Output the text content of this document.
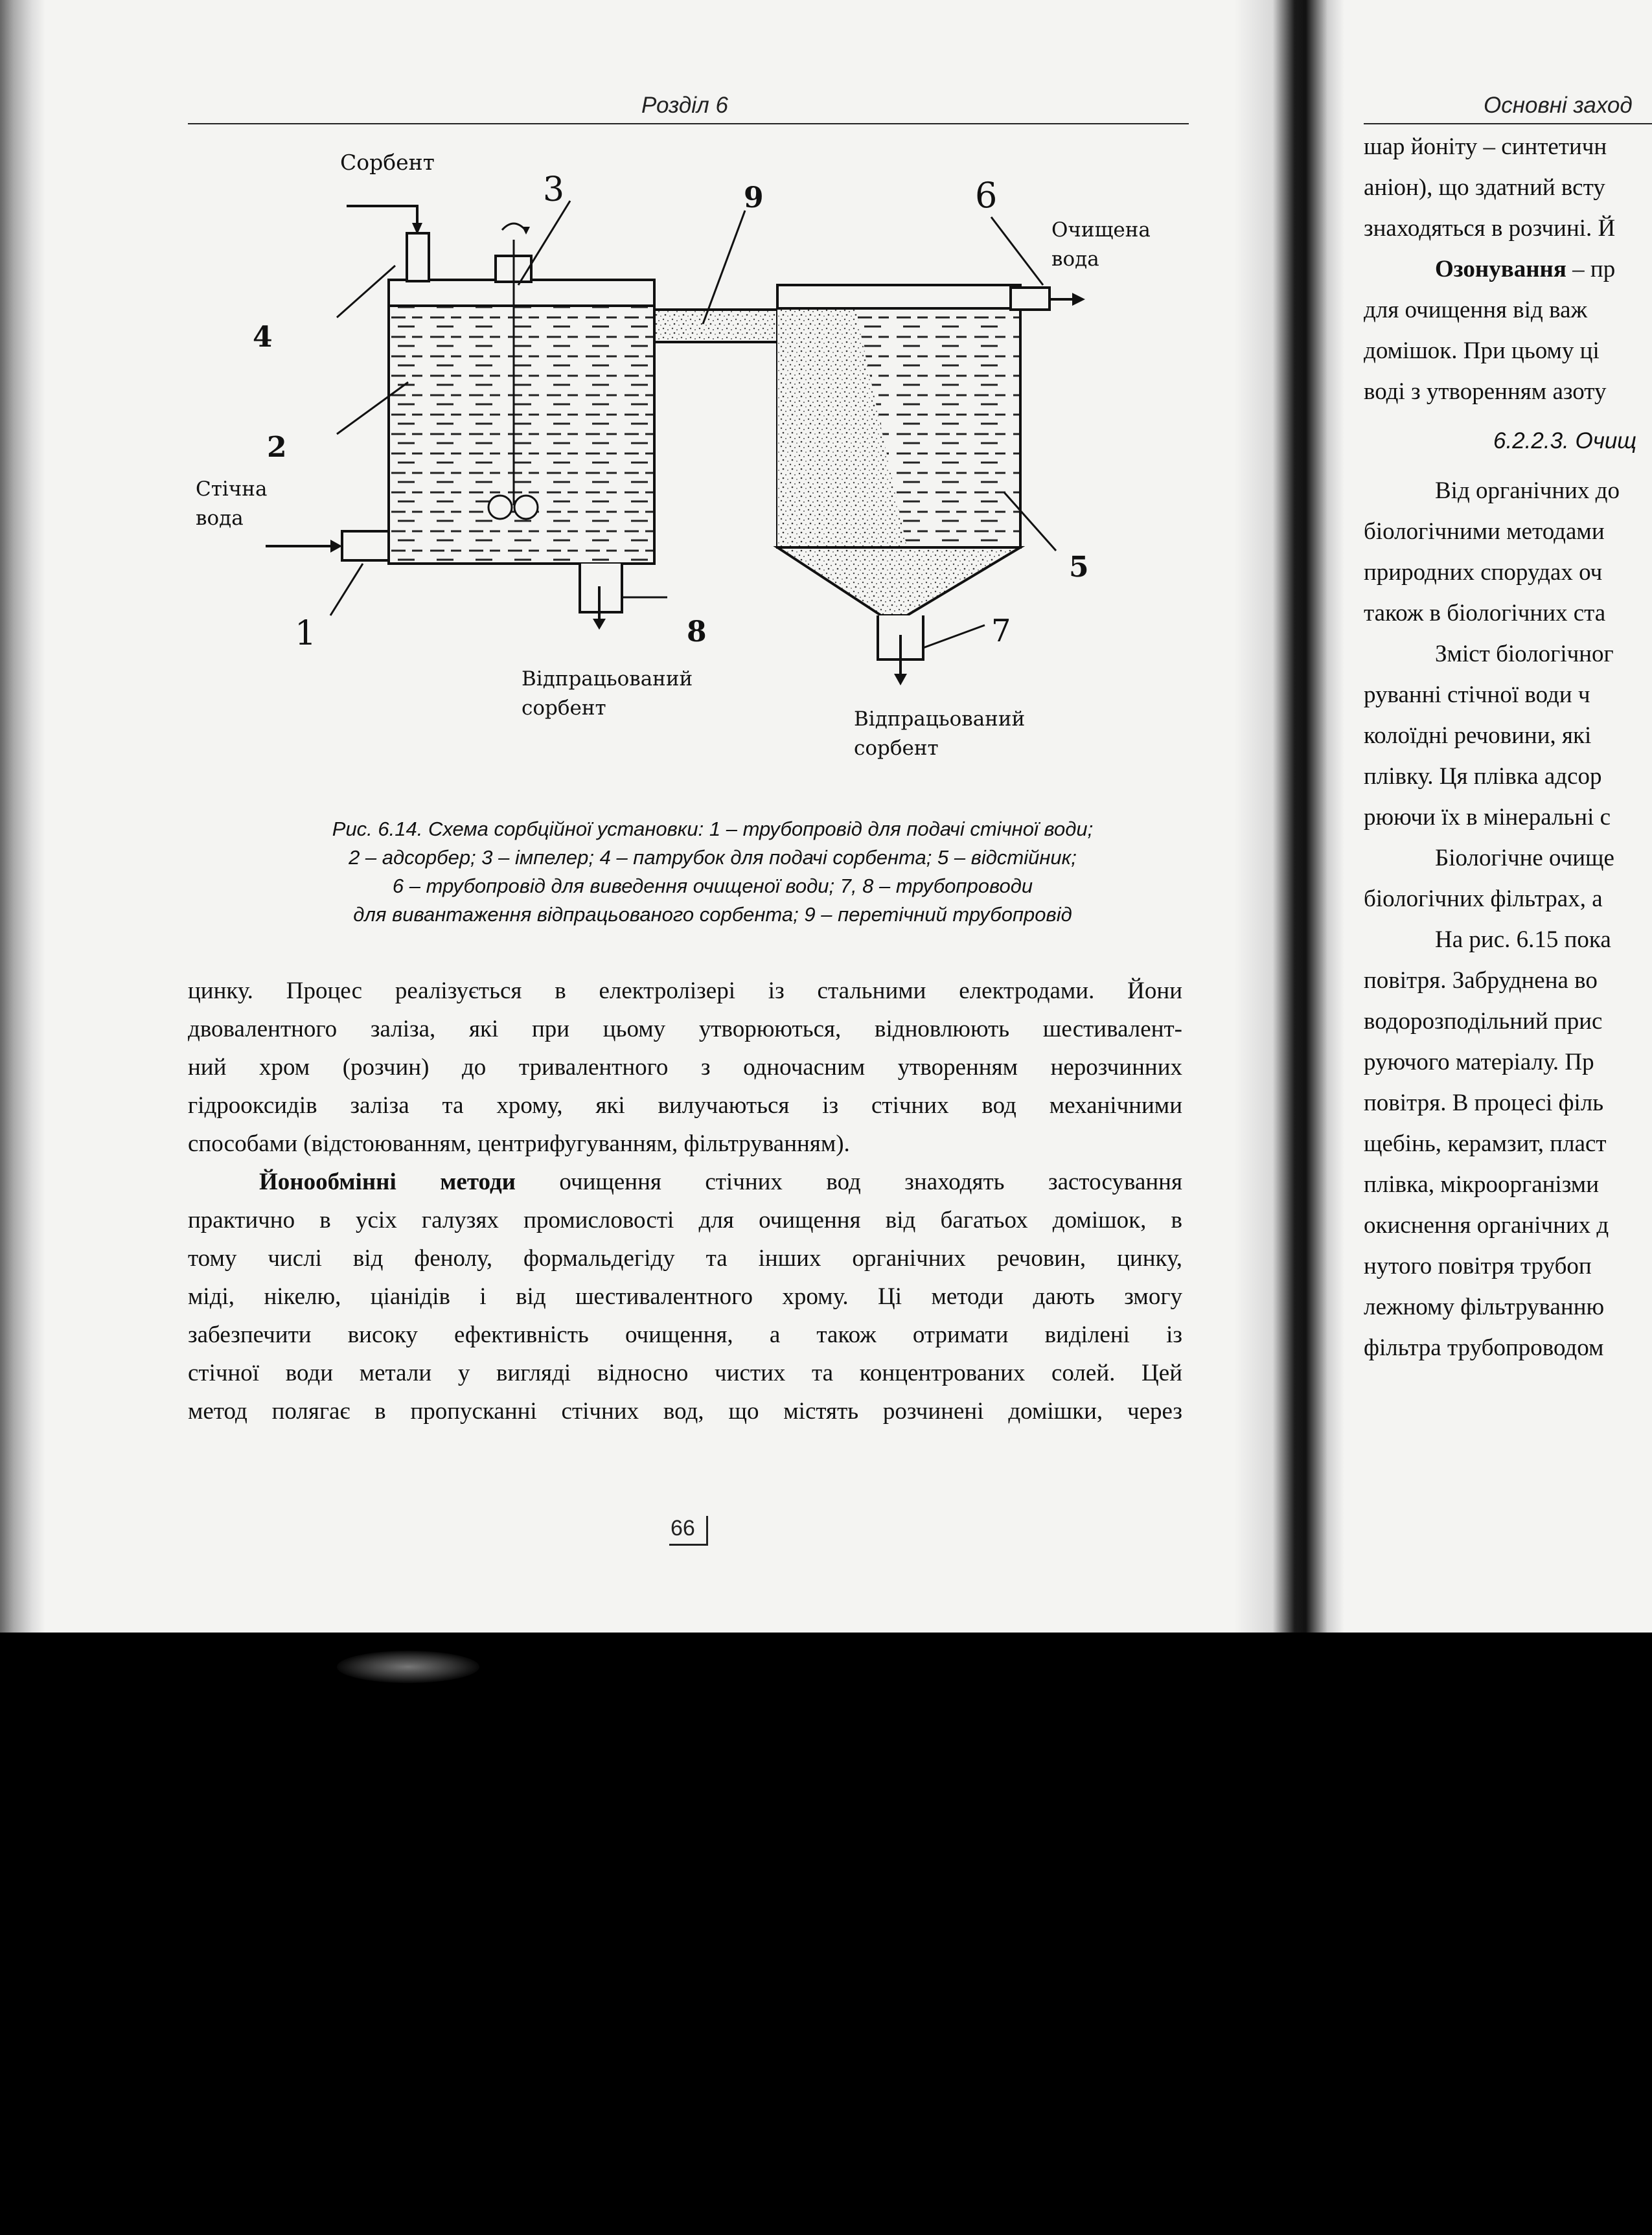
Розділ 6
Сорбент
3	9	6
Очищена
вода
4
2
Стічна
вода
1	8
5
7
Відпрацьований
сорбент	Відпрацьований
сорбент
Рис. 6.14. Схема сорбційної установки: 1 – трубопровід для подачі стічної води;
2 – адсорбер; 3 – імпелер; 4 – патрубок для подачі сорбента; 5 – відстійник;
6 – трубопровід для виведення очищеної води; 7, 8 – трубопроводи
для вивантаження відпрацьованого сорбента; 9 – перетічний трубопровід
цинку. Процес реалізується в електролізері із стальними електродами. Йони
двовалентного заліза, які при цьому утворюються, відновлюють шестивалент-
ний хром (розчин) до тривалентного з одночасним утворенням нерозчинних
гідрооксидів заліза та хрому, які вилучаються із стічних вод механічними
способами (відстоюванням, центрифугуванням, фільтруванням).
Йонообмінні методи очищення стічних вод знаходять застосування
практично в усіх галузях промисловості для очищення від багатьох домішок, в
тому числі від фенолу, формальдегіду та інших органічних речовин, цинку,
міді, нікелю, ціанідів і від шестивалентного хрому. Ці методи дають змогу
забезпечити високу ефективність очищення, а також отримати виділені із
стічної води метали у вигляді відносно чистих та концентрованих солей. Цей
метод полягає в пропусканні стічних вод, що містять розчинені домішки, через
66
Основні заход
шар йоніту – синтетичн
аніон), що здатний всту
знаходяться в розчині. Й
Озонування – пр
для очищення від важ
домішок. При цьому ці
воді з утворенням азоту
6.2.2.3. Очищ
Від органічних до
біологічними методами
природних спорудах оч
також в біологічних ста
Зміст біологічног
руванні стічної води ч
колоїдні речовини, які
плівку. Ця плівка адсор
рюючи їх в мінеральні с
Біологічне очище
біологічних фільтрах, а
На рис. 6.15 пока
повітря. Забруднена во
водорозподільний прис
руючого матеріалу. Пр
повітря. В процесі філь
щебінь, керамзит, пласт
плівка, мікроорганізми
окиснення органічних д
нутого повітря трубоп
лежному фільтруванню
фільтра трубопроводом
